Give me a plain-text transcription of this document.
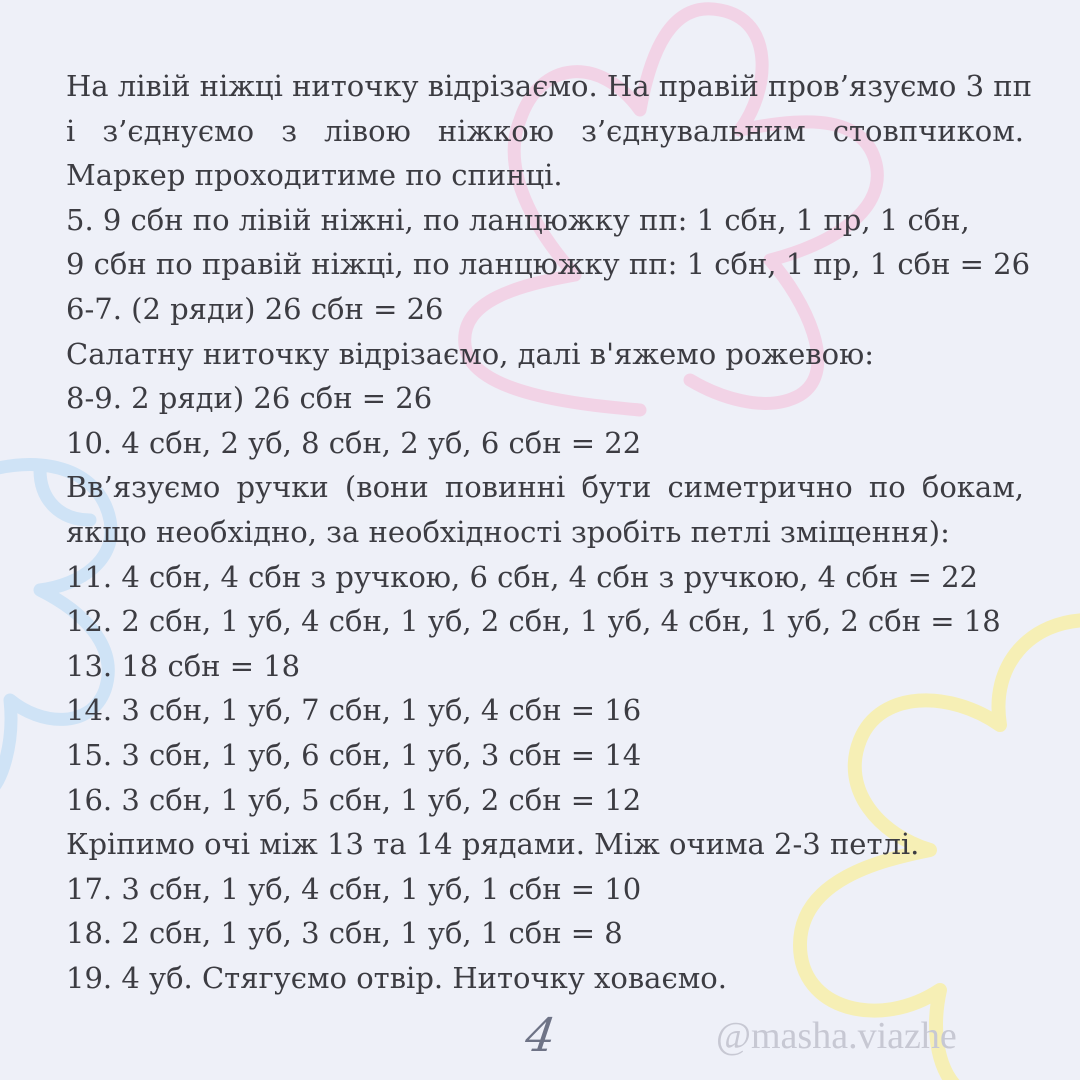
На лівій ніжці ниточку відрізаємо. На правій пров’язуємо 3 пп

і з’єднуємо з лівою ніжкою з’єднувальним стовпчиком.

Маркер проходитиме по спинці.

5. 9 сбн по лівій ніжні, по ланцюжку пп: 1 сбн, 1 пр, 1 сбн,

9 сбн по правій ніжці, по ланцюжку пп: 1 сбн, 1 пр, 1 сбн = 26

6-7. (2 ряди) 26 сбн = 26

Салатну ниточку відрізаємо, далі в'яжемо рожевою:

8-9. 2 ряди) 26 сбн = 26

10. 4 сбн, 2 уб, 8 сбн, 2 уб, 6 сбн = 22

Вв’язуємо ручки (вони повинні бути симетрично по бокам,

якщо необхідно, за необхідності зробіть петлі зміщення):

11. 4 сбн, 4 сбн з ручкою, 6 сбн, 4 сбн з ручкою, 4 сбн = 22

12. 2 сбн, 1 уб, 4 сбн, 1 уб, 2 сбн, 1 уб, 4 сбн, 1 уб, 2 сбн = 18

13. 18 сбн = 18

14. 3 сбн, 1 уб, 7 сбн, 1 уб, 4 сбн = 16

15. 3 сбн, 1 уб, 6 сбн, 1 уб, 3 сбн = 14

16. 3 сбн, 1 уб, 5 сбн, 1 уб, 2 сбн = 12

Кріпимо очі між 13 та 14 рядами. Між очима 2-3 петлі.

17. 3 сбн, 1 уб, 4 сбн, 1 уб, 1 сбн = 10

18. 2 сбн, 1 уб, 3 сбн, 1 уб, 1 сбн = 8

19. 4 уб. Стягуємо отвір. Ниточку ховаємо.

4	@masha.viazhe
